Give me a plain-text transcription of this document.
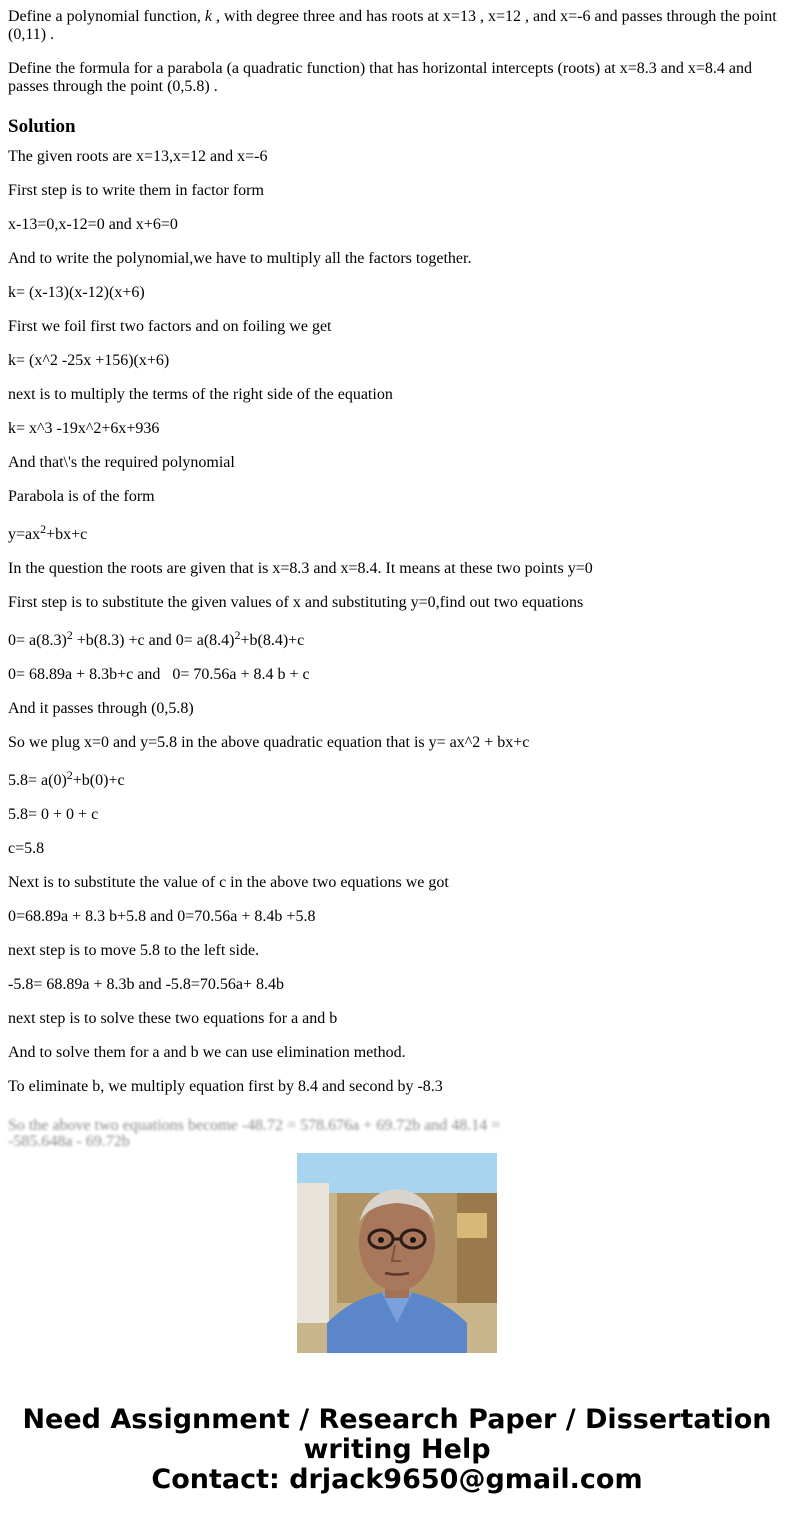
Define a polynomial function, k , with degree three and has roots at x=13 , x=12 , and x=-6 and passes through the point (0,11) .

Define the formula for a parabola (a quadratic function) that has horizontal intercepts (roots) at x=8.3 and x=8.4 and passes through the point (0,5.8) .

Solution

The given roots are x=13,x=12 and x=-6

First step is to write them in factor form

x-13=0,x-12=0 and x+6=0

And to write the polynomial,we have to multiply all the factors together.

k= (x-13)(x-12)(x+6)

First we foil first two factors and on foiling we get

k= (x^2 -25x +156)(x+6)

next is to multiply the terms of the right side of the equation

k= x^3 -19x^2+6x+936

And that\'s the required polynomial

Parabola is of the form

$y=ax^2+bx+c$

In the question the roots are given that is x=8.3 and x=8.4. It means at these two points y=0

First step is to substitute the given values of x and substituting y=0,find out two equations

$0= a(8.3)^2 +b(8.3) +c$ and $0= a(8.4)^2+b(8.4)+c$

0= 68.89a + 8.3b+c and   0= 70.56a + 8.4 b + c

And it passes through (0,5.8)

So we plug x=0 and y=5.8 in the above quadratic equation that is y= ax^2 + bx+c

$5.8= a(0)^2+b(0)+c$

5.8= 0 + 0 + c

c=5.8

Next is to substitute the value of c in the above two equations we got

0=68.89a + 8.3 b+5.8 and 0=70.56a + 8.4b +5.8

next step is to move 5.8 to the left side.

-5.8= 68.89a + 8.3b and -5.8=70.56a+ 8.4b

next step is to solve these two equations for a and b

And to solve them for a and b we can use elimination method.

To eliminate b, we multiply equation first by 8.4 and second by -8.3

So the above two equations become -48.72 = 578.676a + 69.72b and 48.14 = -585.648a - 69.72b
Need Assignment / Research Paper / Dissertation
writing Help
Contact: drjack9650@gmail.com
